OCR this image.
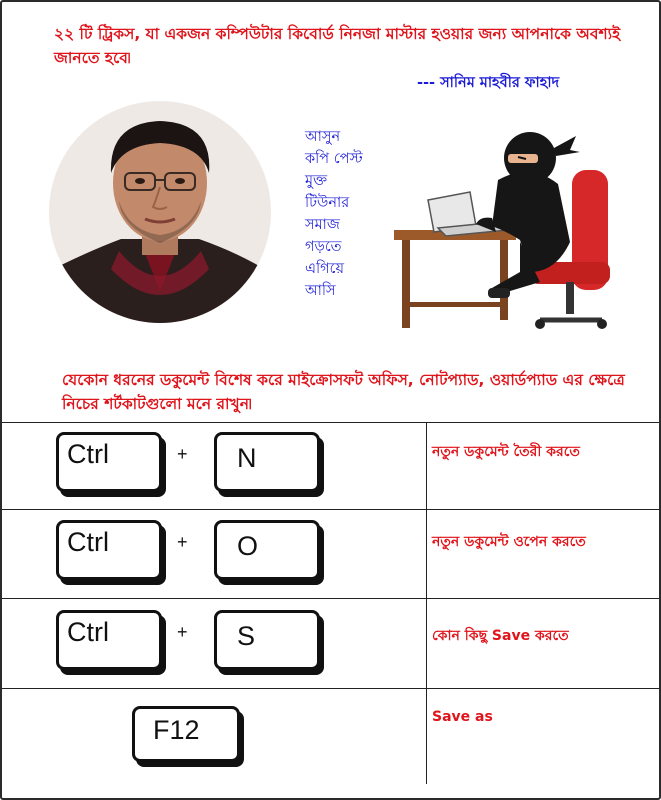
২২ টি ট্রিকস, যা একজন কম্পিউটার কিবোর্ড নিনজা মাস্টার হওয়ার জন্য আপনাকে অবশ্যই জানতে হবে৷
--- সানিম মাহবীর ফাহাদ
আসুন
কপি পেস্ট
মুক্ত
টিউনার
সমাজ
গড়তে
এগিয়ে
আসি
যেকোন ধরনের ডকুমেন্ট বিশেষ করে মাইক্রোসফট অফিস, নোটপ্যাড, ওয়ার্ডপ্যাড এর ক্ষেত্রে নিচের শর্টকাটগুলো মনে রাখুন৷
Ctrl	+ N	নতুন ডকুমেন্ট তৈরী করতে
Ctrl	+ O	নতুন ডকুমেন্ট ওপেন করতে
Ctrl	+ S	কোন কিছু Save করতে
F12	Save as
